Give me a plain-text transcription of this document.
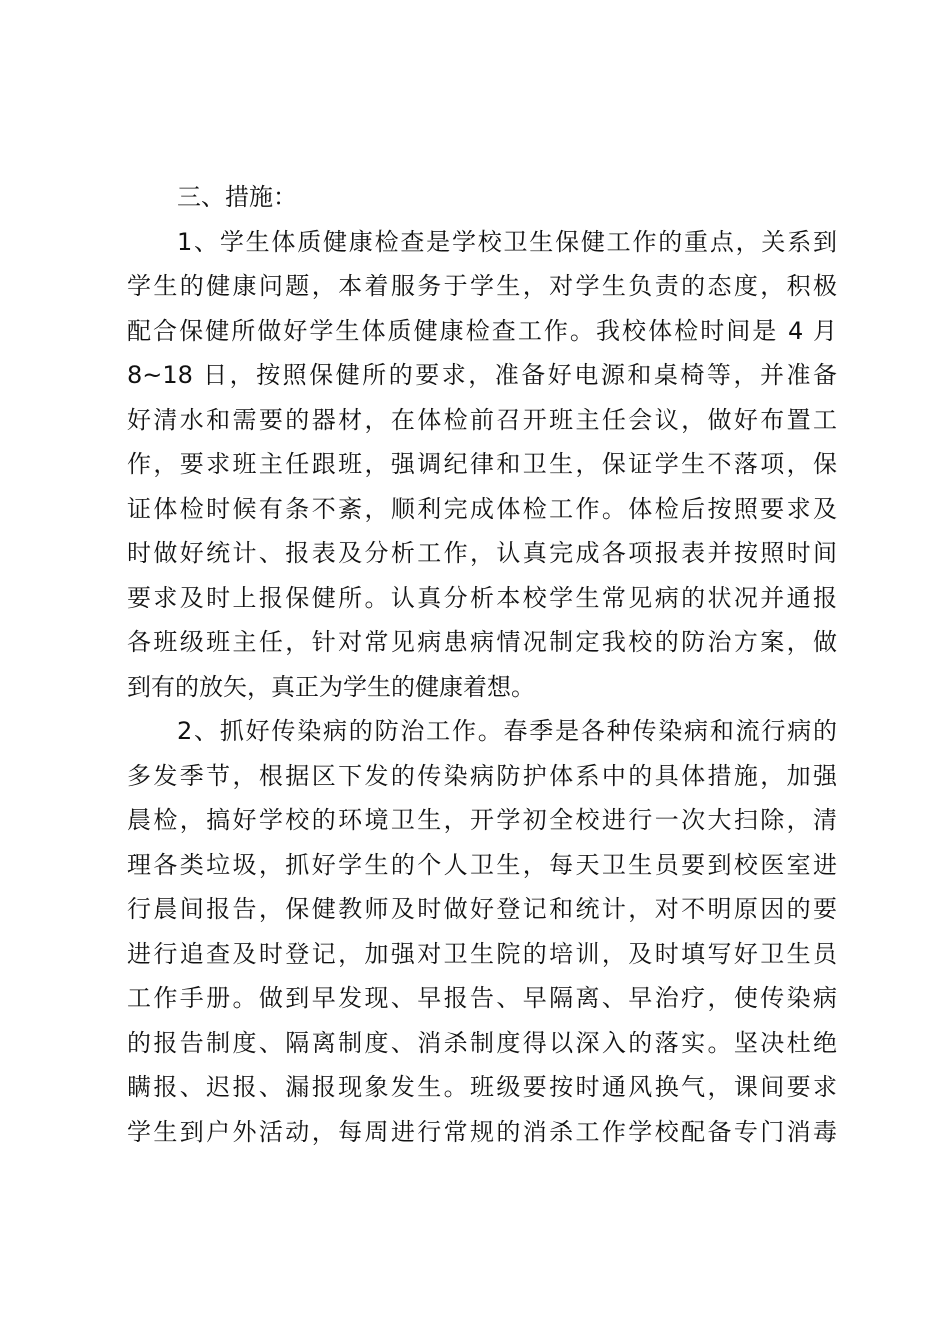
三、措施：

1、学生体质健康检查是学校卫生保健工作的重点，关系到
学生的健康问题，本着服务于学生，对学生负责的态度，积极
配合保健所做好学生体质健康检查工作。我校体检时间是 4 月
8~18 日，按照保健所的要求，准备好电源和桌椅等，并准备
好清水和需要的器材，在体检前召开班主任会议，做好布置工
作，要求班主任跟班，强调纪律和卫生，保证学生不落项，保
证体检时候有条不紊，顺利完成体检工作。体检后按照要求及
时做好统计、报表及分析工作，认真完成各项报表并按照时间
要求及时上报保健所。认真分析本校学生常见病的状况并通报
各班级班主任，针对常见病患病情况制定我校的防治方案，做
到有的放矢，真正为学生的健康着想。
2、抓好传染病的防治工作。春季是各种传染病和流行病的
多发季节，根据区下发的传染病防护体系中的具体措施，加强
晨检，搞好学校的环境卫生，开学初全校进行一次大扫除，清
理各类垃圾，抓好学生的个人卫生，每天卫生员要到校医室进
行晨间报告，保健教师及时做好登记和统计，对不明原因的要
进行追查及时登记，加强对卫生院的培训，及时填写好卫生员
工作手册。做到早发现、早报告、早隔离、早治疗，使传染病
的报告制度、隔离制度、消杀制度得以深入的落实。坚决杜绝
瞒报、迟报、漏报现象发生。班级要按时通风换气，课间要求
学生到户外活动，每周进行常规的消杀工作学校配备专门消毒
